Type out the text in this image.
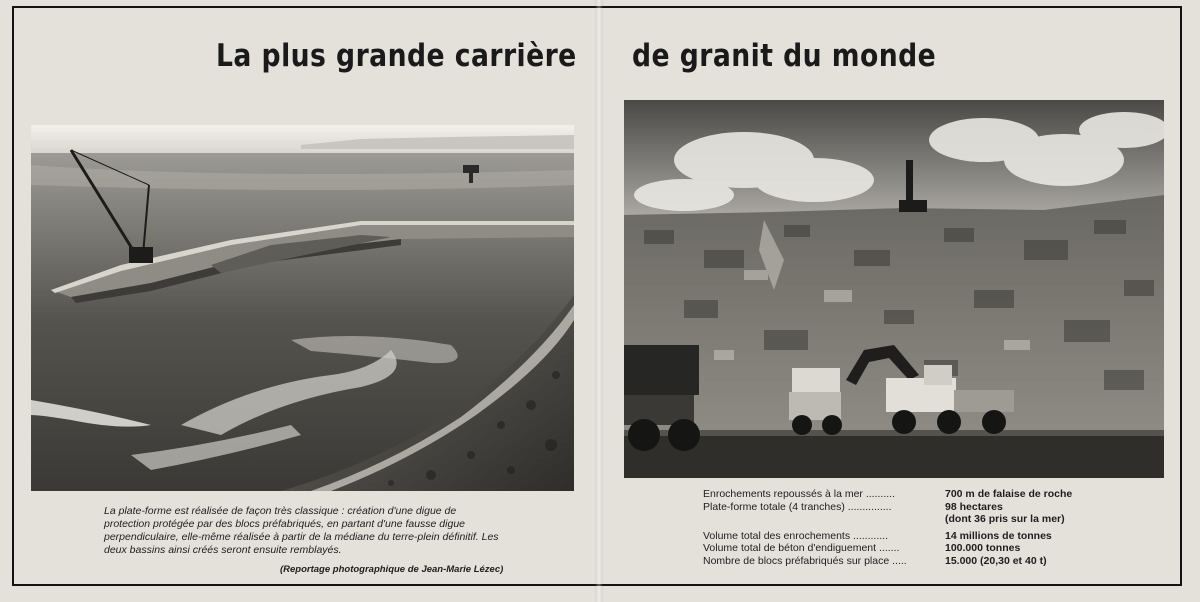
La plus grande carrière de granit du monde
La plate-forme est réalisée de façon très classique : création d'une digue de protection protégée par des blocs préfabriqués, en partant d'une fausse digue perpendiculaire, elle-même réalisée à partir de la médiane du terre-plein définitif. Les deux bassins ainsi créés seront ensuite remblayés.
(Reportage photographique de Jean-Marie Lézec)
Enrochements repoussés à la mer ..........	700 m de falaise de roche
Plate-forme totale (4 tranches) ...............	98 hectares
(dont 36 pris sur la mer)
Volume total des enrochements ............	14 millions de tonnes
Volume total de béton d'endiguement .......	100.000 tonnes
Nombre de blocs préfabriqués sur place .....	15.000 (20,30 et 40 t)
